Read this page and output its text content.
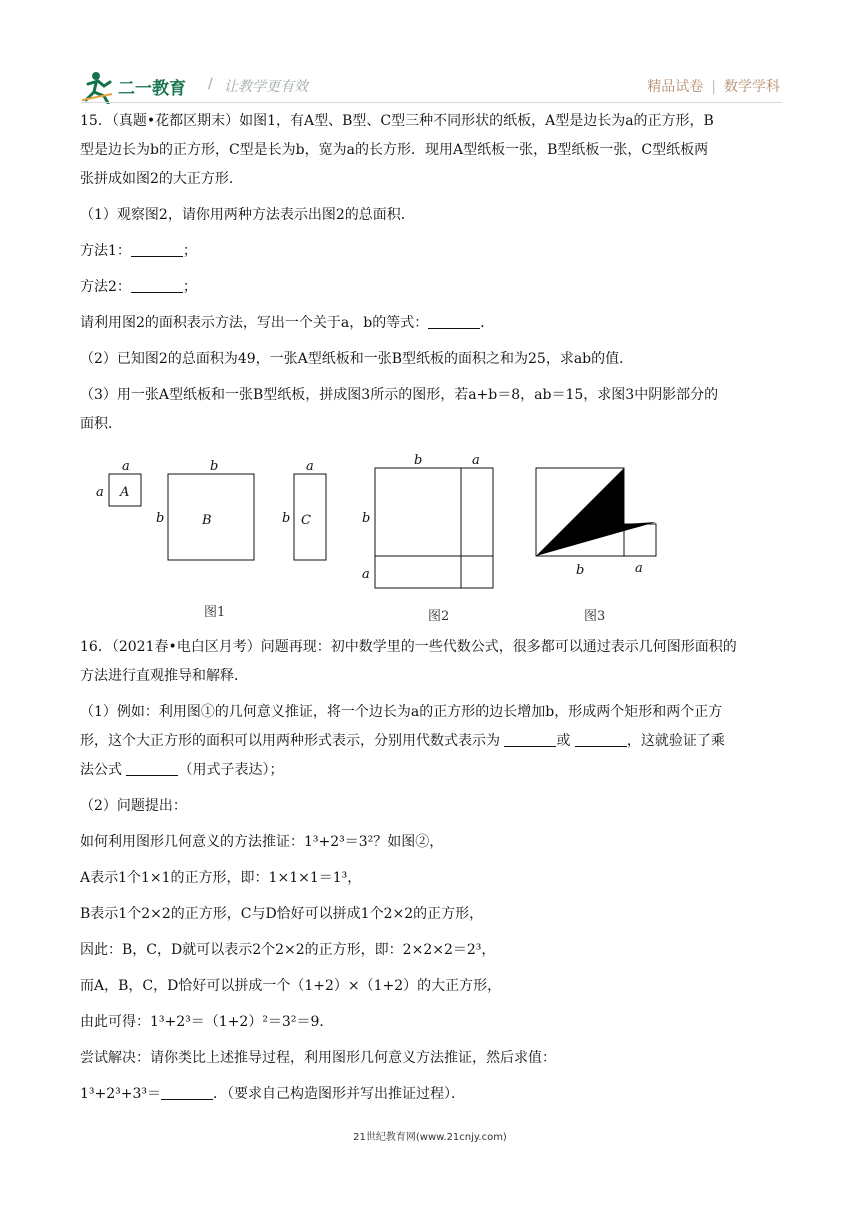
二一教育 / 让教学更有效	精品试卷 | 数学学科

15．（真题•花都区期末）如图1，有A型、B型、C型三种不同形状的纸板，A型是边长为a的正方形，B

型是边长为b的正方形，C型是长为b，宽为a的长方形．现用A型纸板一张，B型纸板一张，C型纸板两

张拼成如图2的大正方形．

（1）观察图2，请你用两种方法表示出图2的总面积．

方法1：	；

方法2：	；

请利用图2的面积表示方法，写出一个关于a，b的等式：	．

（2）已知图2的总面积为49，一张A型纸板和一张B型纸板的面积之和为25，求ab的值．

（3）用一张A型纸板和一张B型纸板，拼成图3所示的图形，若a+b＝8，ab＝15，求图3中阴影部分的

面积．

a
a A
b
b	B
a
b C
b	a
b
a	b	a
图1	图2	图3

16．（2021春•电白区月考）问题再现：初中数学里的一些代数公式，很多都可以通过表示几何图形面积的

方法进行直观推导和解释．

（1）例如：利用图①的几何意义推证，将一个边长为a的正方形的边长增加b，形成两个矩形和两个正方

形，这个大正方形的面积可以用两种形式表示，分别用代数式表示为	或	，这就验证了乘

法公式	（用式子表达）；

（2）问题提出：

如何利用图形几何意义的方法推证：1³+2³＝3²？如图②，

A表示1个1×1的正方形，即：1×1×1＝1³，

B表示1个2×2的正方形，C与D恰好可以拼成1个2×2的正方形，

因此：B，C，D就可以表示2个2×2的正方形，即：2×2×2＝2³，

而A，B，C，D恰好可以拼成一个（1+2）×（1+2）的大正方形，

由此可得：1³+2³＝（1+2）²＝3²＝9．

尝试解决：请你类比上述推导过程，利用图形几何意义方法推证，然后求值：

1³+2³+3³＝	．（要求自己构造图形并写出推证过程）．

21世纪教育网(www.21cnjy.com)
